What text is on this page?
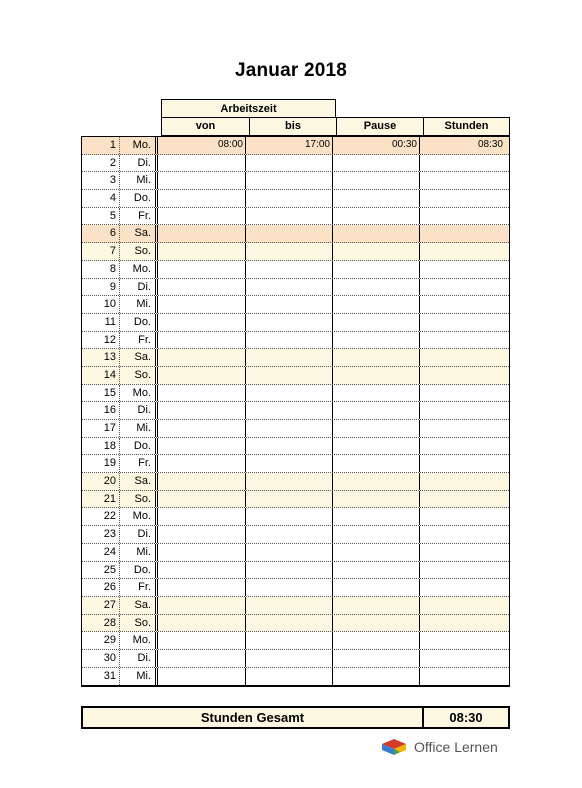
Januar 2018
Arbeitszeit
von	bis	Pause	Stunden
1	Mo.	08:00	17:00	00:30	08:30
2	Di.
3	Mi.
4	Do.
5	Fr.
6	Sa.
7	So.
8	Mo.
9	Di.
10	Mi.
11	Do.
12	Fr.
13	Sa.
14	So.
15	Mo.
16	Di.
17	Mi.
18	Do.
19	Fr.
20	Sa.
21	So.
22	Mo.
23	Di.
24	Mi.
25	Do.
26	Fr.
27	Sa.
28	So.
29	Mo.
30	Di.
31	Mi.
Stunden Gesamt	08:30
Office Lernen
